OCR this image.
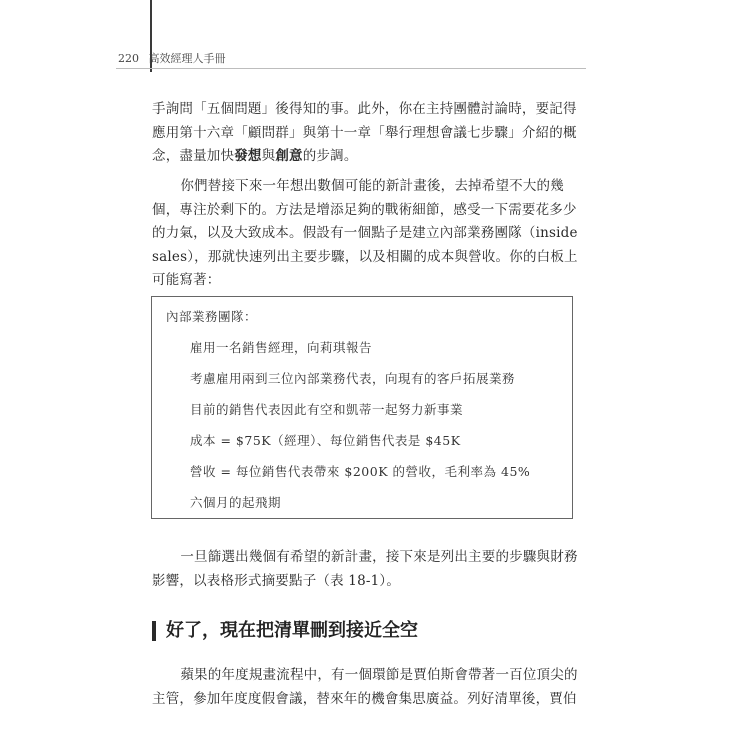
220 高效經理人手冊

手詢問「五個問題」後得知的事。此外，你在主持團體討論時，要記得
應用第十六章「顧問群」與第十一章「舉行理想會議七步驟」介紹的概
念，盡量加快發想與創意的步調。

你們替接下來一年想出數個可能的新計畫後，去掉希望不大的幾
個，專注於剩下的。方法是增添足夠的戰術細節，感受一下需要花多少
的力氣，以及大致成本。假設有一個點子是建立內部業務團隊（inside
sales），那就快速列出主要步驟，以及相關的成本與營收。你的白板上
可能寫著：

內部業務團隊：
雇用一名銷售經理，向莉琪報告
考慮雇用兩到三位內部業務代表，向現有的客戶拓展業務
目前的銷售代表因此有空和凱蒂一起努力新事業
成本 = $75K（經理）、每位銷售代表是 $45K
營收 = 每位銷售代表帶來 $200K 的營收，毛利率為 45%
六個月的起飛期

一旦篩選出幾個有希望的新計畫，接下來是列出主要的步驟與財務
影響，以表格形式摘要點子（表 18-1）。

好了，現在把清單刪到接近全空

蘋果的年度規畫流程中，有一個環節是賈伯斯會帶著一百位頂尖的
主管，參加年度度假會議，替來年的機會集思廣益。列好清單後，賈伯
